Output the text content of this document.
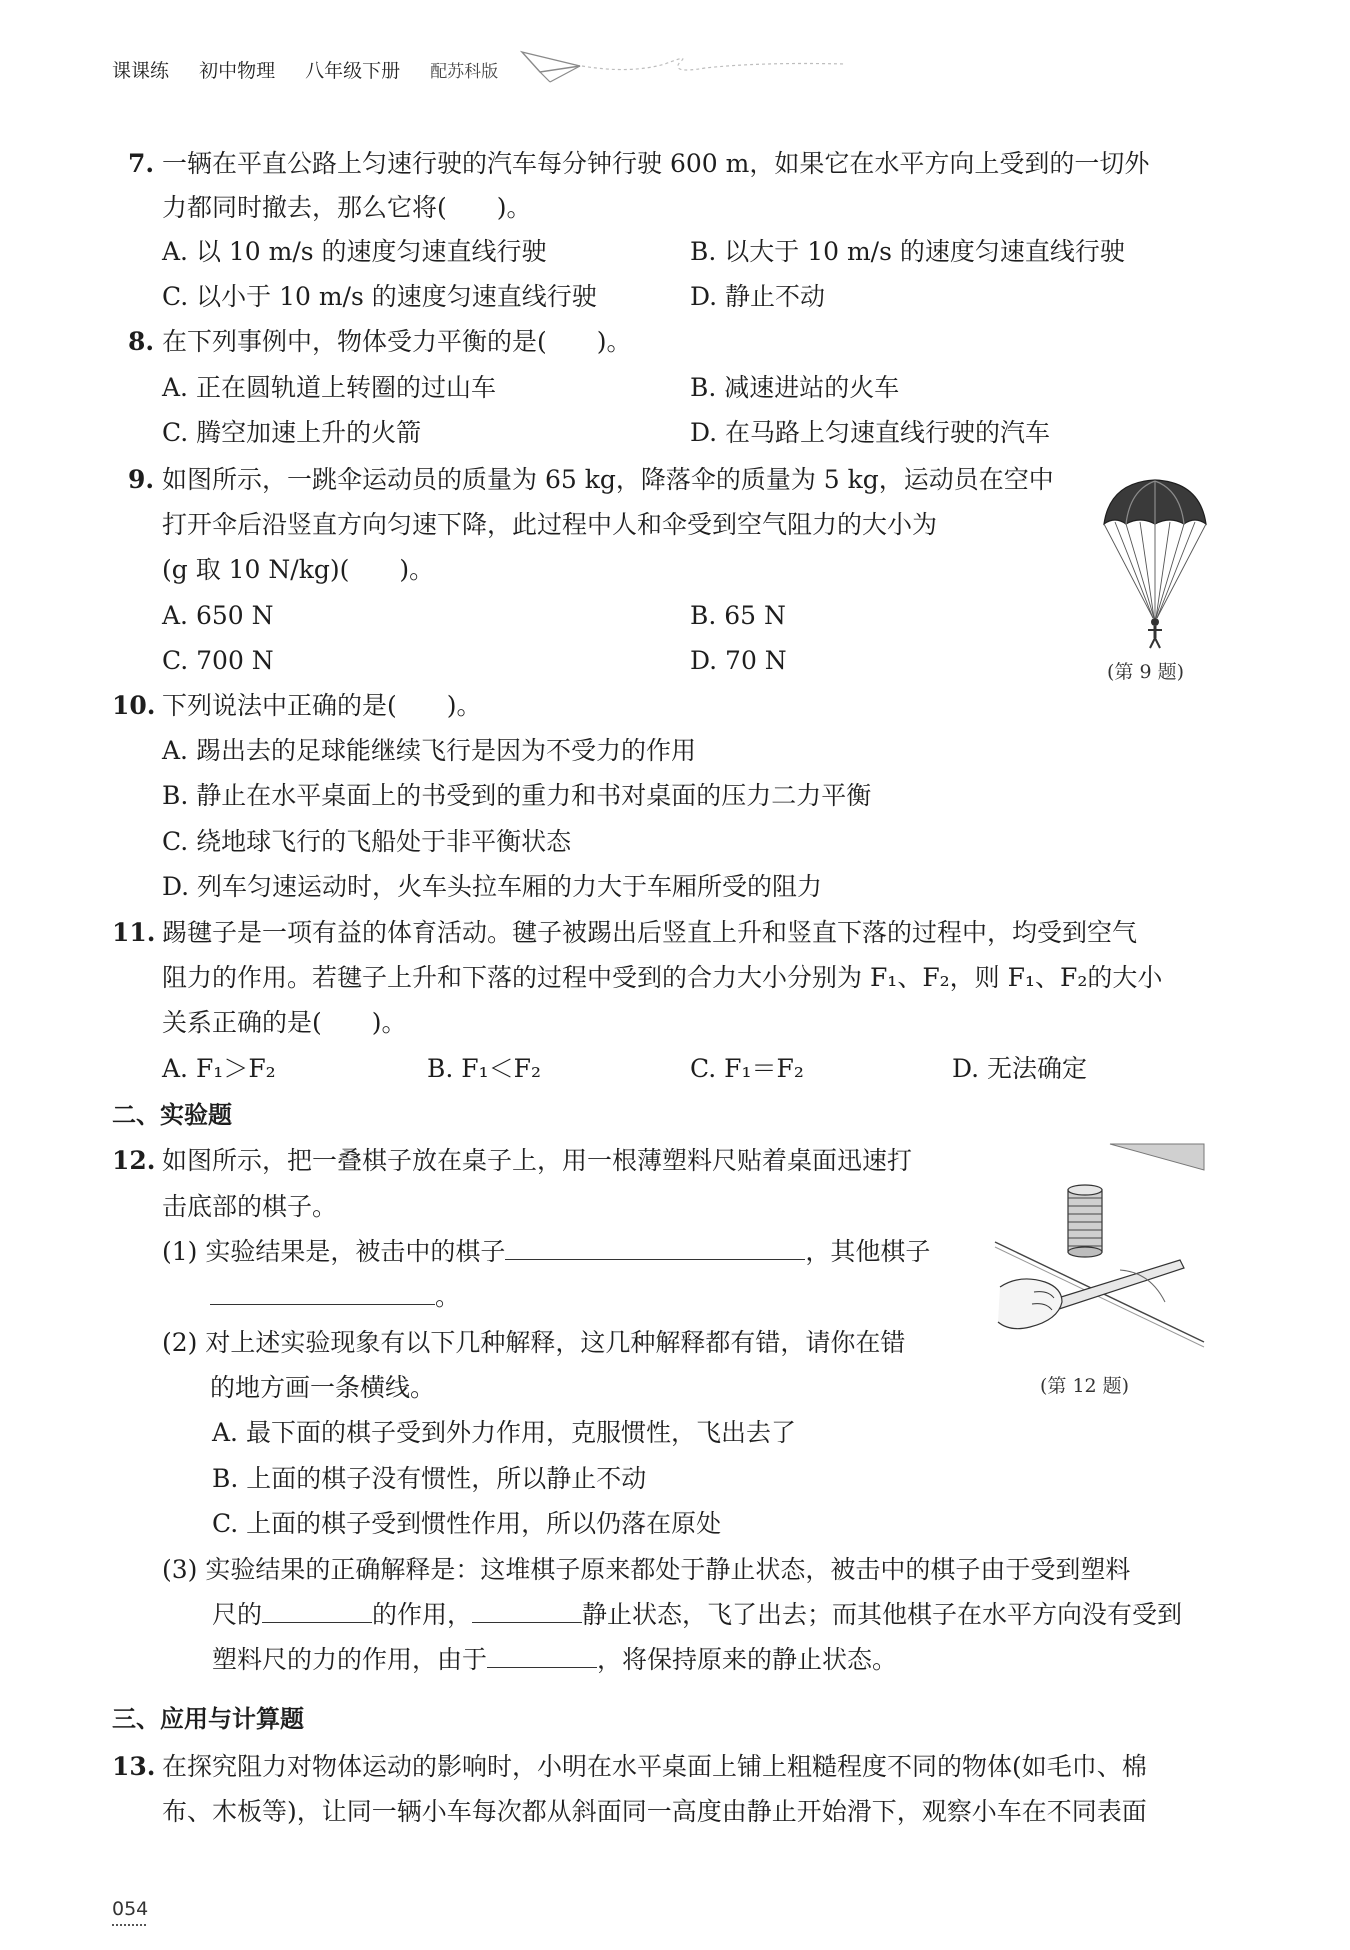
课课练 初中物理 八年级下册 配苏科版
7. 一辆在平直公路上匀速行驶的汽车每分钟行驶 600 m，如果它在水平方向上受到的一切外
力都同时撤去，那么它将(　　)。
A. 以 10 m/s 的速度匀速直线行驶	B. 以大于 10 m/s 的速度匀速直线行驶
C. 以小于 10 m/s 的速度匀速直线行驶	D. 静止不动
8. 在下列事例中，物体受力平衡的是(　　)。
A. 正在圆轨道上转圈的过山车	B. 减速进站的火车
C. 腾空加速上升的火箭	D. 在马路上匀速直线行驶的汽车
9. 如图所示，一跳伞运动员的质量为 65 kg，降落伞的质量为 5 kg，运动员在空中
打开伞后沿竖直方向匀速下降，此过程中人和伞受到空气阻力的大小为
(g 取 10 N/kg)(　　)。
A. 650 N	B. 65 N
C. 700 N	D. 70 N	(第 9 题)
10. 下列说法中正确的是(　　)。
A. 踢出去的足球能继续飞行是因为不受力的作用
B. 静止在水平桌面上的书受到的重力和书对桌面的压力二力平衡
C. 绕地球飞行的飞船处于非平衡状态
D. 列车匀速运动时，火车头拉车厢的力大于车厢所受的阻力
11. 踢毽子是一项有益的体育活动。毽子被踢出后竖直上升和竖直下落的过程中，均受到空气
阻力的作用。若毽子上升和下落的过程中受到的合力大小分别为 F₁、F₂，则 F₁、F₂的大小
关系正确的是(　　)。
A. F₁＞F₂	B. F₁＜F₂	C. F₁＝F₂	D. 无法确定
二、实验题
12. 如图所示，把一叠棋子放在桌子上，用一根薄塑料尺贴着桌面迅速打
击底部的棋子。
(1) 实验结果是，被击中的棋子	，其他棋子
。
(2) 对上述实验现象有以下几种解释，这几种解释都有错，请你在错
的地方画一条横线。
A. 最下面的棋子受到外力作用，克服惯性，飞出去了
B. 上面的棋子没有惯性，所以静止不动
C. 上面的棋子受到惯性作用，所以仍落在原处
(3) 实验结果的正确解释是：这堆棋子原来都处于静止状态，被击中的棋子由于受到塑料
尺的	的作用，	静止状态，飞了出去；而其他棋子在水平方向没有受到
塑料尺的力的作用，由于	，将保持原来的静止状态。
(第 12 题)
三、应用与计算题
13. 在探究阻力对物体运动的影响时，小明在水平桌面上铺上粗糙程度不同的物体(如毛巾、棉
布、木板等)，让同一辆小车每次都从斜面同一高度由静止开始滑下，观察小车在不同表面
054
